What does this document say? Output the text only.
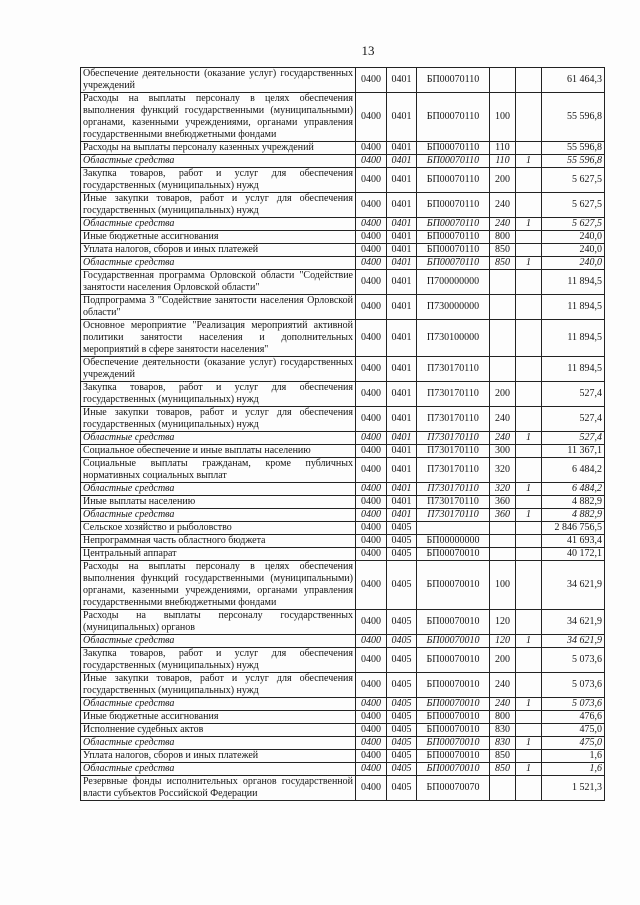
13
Обеспечение деятельности (оказание услуг) государственных учреждений	0400	0401	БП00070110			61 464,3
Расходы на выплаты персоналу в целях обеспечения выполнения функций государственными (муниципальными) органами, казенными учреждениями, органами управления государственными внебюджетными фондами	0400	0401	БП00070110	100		55 596,8
Расходы на выплаты персоналу казенных учреждений	0400	0401	БП00070110	110		55 596,8
Областные средства	0400	0401	БП00070110	110	1	55 596,8
Закупка товаров, работ и услуг для обеспечения государственных (муниципальных) нужд	0400	0401	БП00070110	200		5 627,5
Иные закупки товаров, работ и услуг для обеспечения государственных (муниципальных) нужд	0400	0401	БП00070110	240		5 627,5
Областные средства	0400	0401	БП00070110	240	1	5 627,5
Иные бюджетные ассигнования	0400	0401	БП00070110	800		240,0
Уплата налогов, сборов и иных платежей	0400	0401	БП00070110	850		240,0
Областные средства	0400	0401	БП00070110	850	1	240,0
Государственная программа Орловской области "Содействие занятости населения Орловской области"	0400	0401	П700000000			11 894,5
Подпрограмма 3 "Содействие занятости населения Орловской области"	0400	0401	П730000000			11 894,5
Основное мероприятие "Реализация мероприятий активной политики занятости населения и дополнительных мероприятий в сфере занятости населения"	0400	0401	П730100000			11 894,5
Обеспечение деятельности (оказание услуг) государственных учреждений	0400	0401	П730170110			11 894,5
Закупка товаров, работ и услуг для обеспечения государственных (муниципальных) нужд	0400	0401	П730170110	200		527,4
Иные закупки товаров, работ и услуг для обеспечения государственных (муниципальных) нужд	0400	0401	П730170110	240		527,4
Областные средства	0400	0401	П730170110	240	1	527,4
Социальное обеспечение и иные выплаты населению	0400	0401	П730170110	300		11 367,1
Социальные выплаты гражданам, кроме публичных нормативных социальных выплат	0400	0401	П730170110	320		6 484,2
Областные средства	0400	0401	П730170110	320	1	6 484,2
Иные выплаты населению	0400	0401	П730170110	360		4 882,9
Областные средства	0400	0401	П730170110	360	1	4 882,9
Сельское хозяйство и рыболовство	0400	0405				2 846 756,5
Непрограммная часть областного бюджета	0400	0405	БП00000000			41 693,4
Центральный аппарат	0400	0405	БП00070010			40 172,1
Расходы на выплаты персоналу в целях обеспечения выполнения функций государственными (муниципальными) органами, казенными учреждениями, органами управления государственными внебюджетными фондами	0400	0405	БП00070010	100		34 621,9
Расходы на выплаты персоналу государственных (муниципальных) органов	0400	0405	БП00070010	120		34 621,9
Областные средства	0400	0405	БП00070010	120	1	34 621,9
Закупка товаров, работ и услуг для обеспечения государственных (муниципальных) нужд	0400	0405	БП00070010	200		5 073,6
Иные закупки товаров, работ и услуг для обеспечения государственных (муниципальных) нужд	0400	0405	БП00070010	240		5 073,6
Областные средства	0400	0405	БП00070010	240	1	5 073,6
Иные бюджетные ассигнования	0400	0405	БП00070010	800		476,6
Исполнение судебных актов	0400	0405	БП00070010	830		475,0
Областные средства	0400	0405	БП00070010	830	1	475,0
Уплата налогов, сборов и иных платежей	0400	0405	БП00070010	850		1,6
Областные средства	0400	0405	БП00070010	850	1	1,6
Резервные фонды исполнительных органов государственной власти субъектов Российской Федерации	0400	0405	БП00070070			1 521,3
